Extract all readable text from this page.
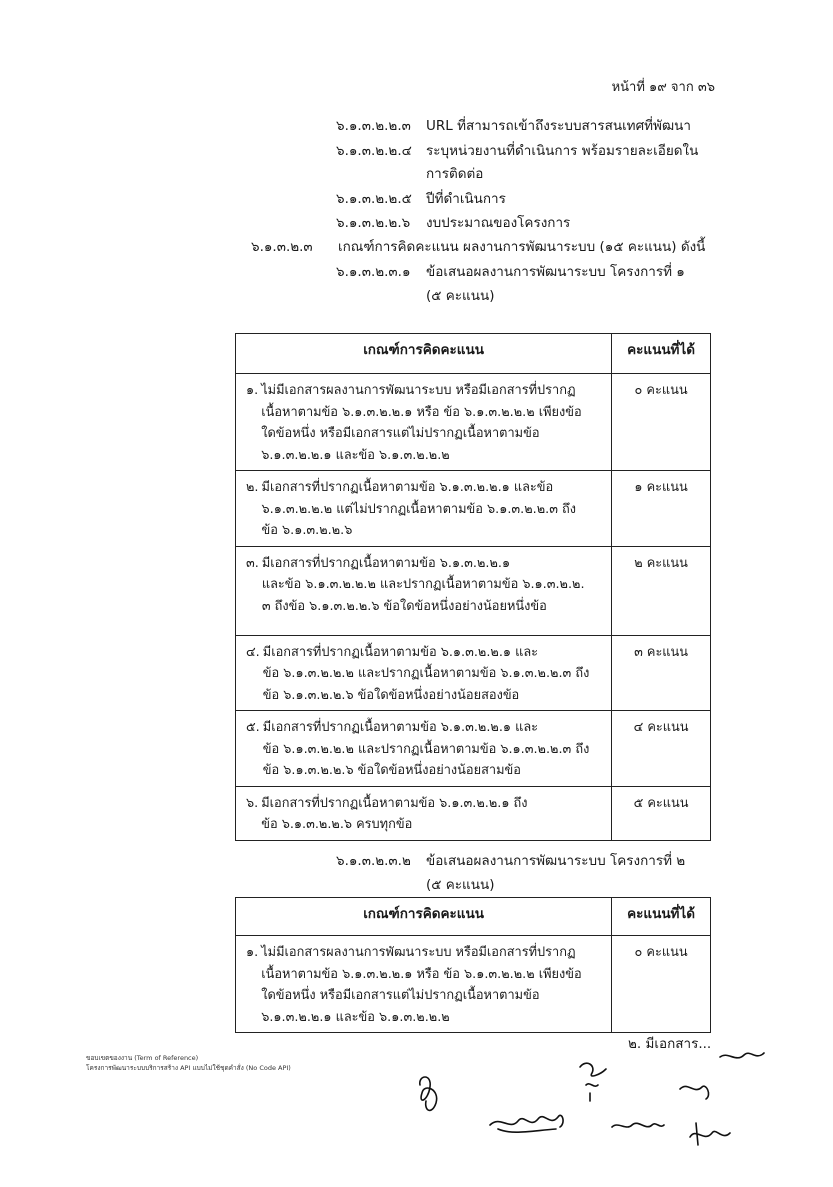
หน้าที่ ๑๙ จาก ๓๖
๖.๑.๓.๒.๒.๓ URL ที่สามารถเข้าถึงระบบสารสนเทศที่พัฒนา
๖.๑.๓.๒.๒.๔ ระบุหน่วยงานที่ดำเนินการ พร้อมรายละเอียดใน
การติดต่อ
๖.๑.๓.๒.๒.๕ ปีที่ดำเนินการ
๖.๑.๓.๒.๒.๖ งบประมาณของโครงการ
๖.๑.๓.๒.๓ เกณฑ์การคิดคะแนน ผลงานการพัฒนาระบบ (๑๕ คะแนน) ดังนี้
๖.๑.๓.๒.๓.๑ ข้อเสนอผลงานการพัฒนาระบบ โครงการที่ ๑
(๕ คะแนน)
เกณฑ์การคิดคะแนน	คะแนนที่ได้

๑. ไม่มีเอกสารผลงานการพัฒนาระบบ หรือมีเอกสารที่ปรากฏ
เนื้อหาตามข้อ ๖.๑.๓.๒.๒.๑ หรือ ข้อ ๖.๑.๓.๒.๒.๒ เพียงข้อ
ใดข้อหนึ่ง หรือมีเอกสารแต่ไม่ปรากฏเนื้อหาตามข้อ
๖.๑.๓.๒.๒.๑ และข้อ ๖.๑.๓.๒.๒.๒	๐ คะแนน

๒. มีเอกสารที่ปรากฏเนื้อหาตามข้อ ๖.๑.๓.๒.๒.๑ และข้อ
๖.๑.๓.๒.๒.๒ แต่ไม่ปรากฏเนื้อหาตามข้อ ๖.๑.๓.๒.๒.๓ ถึง
ข้อ ๖.๑.๓.๒.๒.๖	๑ คะแนน

๓. มีเอกสารที่ปรากฏเนื้อหาตามข้อ ๖.๑.๓.๒.๒.๑
และข้อ ๖.๑.๓.๒.๒.๒ และปรากฏเนื้อหาตามข้อ ๖.๑.๓.๒.๒.
๓ ถึงข้อ ๖.๑.๓.๒.๒.๖ ข้อใดข้อหนึ่งอย่างน้อยหนึ่งข้อ	๒ คะแนน

๔. มีเอกสารที่ปรากฏเนื้อหาตามข้อ ๖.๑.๓.๒.๒.๑ และ
ข้อ ๖.๑.๓.๒.๒.๒ และปรากฏเนื้อหาตามข้อ ๖.๑.๓.๒.๒.๓ ถึง
ข้อ ๖.๑.๓.๒.๒.๖ ข้อใดข้อหนึ่งอย่างน้อยสองข้อ	๓ คะแนน

๕. มีเอกสารที่ปรากฏเนื้อหาตามข้อ ๖.๑.๓.๒.๒.๑ และ
ข้อ ๖.๑.๓.๒.๒.๒ และปรากฏเนื้อหาตามข้อ ๖.๑.๓.๒.๒.๓ ถึง
ข้อ ๖.๑.๓.๒.๒.๖ ข้อใดข้อหนึ่งอย่างน้อยสามข้อ	๔ คะแนน

๖. มีเอกสารที่ปรากฏเนื้อหาตามข้อ ๖.๑.๓.๒.๒.๑ ถึง
ข้อ ๖.๑.๓.๒.๒.๖ ครบทุกข้อ	๕ คะแนน
๖.๑.๓.๒.๓.๒ ข้อเสนอผลงานการพัฒนาระบบ โครงการที่ ๒
(๕ คะแนน)
เกณฑ์การคิดคะแนน	คะแนนที่ได้

๑. ไม่มีเอกสารผลงานการพัฒนาระบบ หรือมีเอกสารที่ปรากฏ
เนื้อหาตามข้อ ๖.๑.๓.๒.๒.๑ หรือ ข้อ ๖.๑.๓.๒.๒.๒ เพียงข้อ
ใดข้อหนึ่ง หรือมีเอกสารแต่ไม่ปรากฏเนื้อหาตามข้อ
๖.๑.๓.๒.๒.๑ และข้อ ๖.๑.๓.๒.๒.๒	๐ คะแนน
๒. มีเอกสาร...
ขอบเขตของงาน (Term of Reference)
โครงการพัฒนาระบบบริการสร้าง API แบบไม่ใช้ชุดคำสั่ง (No Code API)
